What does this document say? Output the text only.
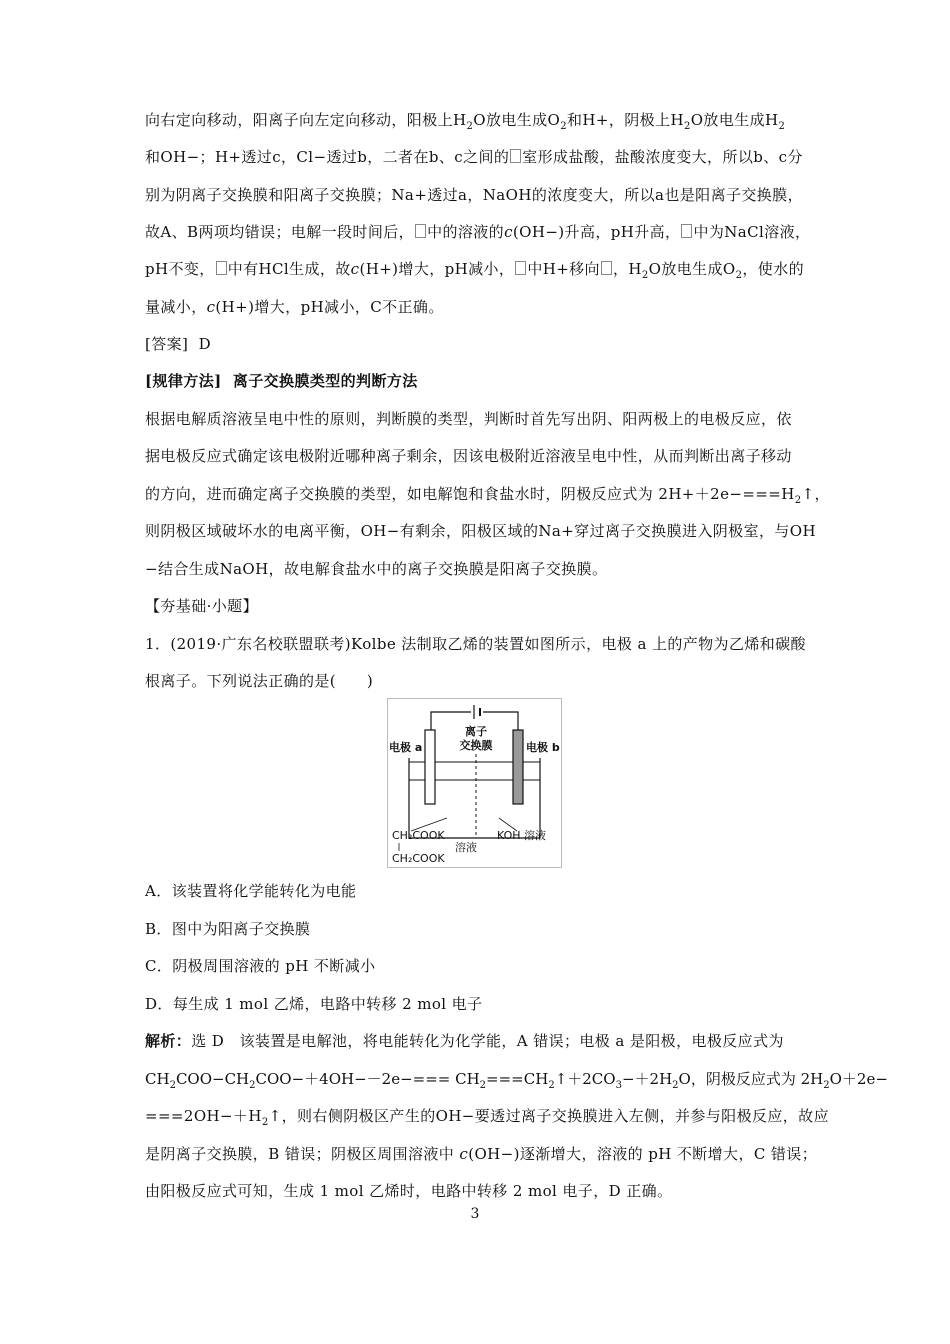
向右定向移动，阳离子向左定向移动，阳极上$H_2O$放电生成$O_2$和H+，阴极上$H_2O$放电生成$H_2$
和OH−；H+透过c，Cl−透过b，二者在b、c之间的 室形成盐酸，盐酸浓度变大，所以b、c分
别为阴离子交换膜和阳离子交换膜；Na+透过a，NaOH的浓度变大，所以a也是阳离子交换膜，
故A、B两项均错误；电解一段时间后， 中的溶液的c(OH−)升高，pH升高， 中为NaCl溶液，
pH不变， 中有HCl生成，故c(H+)增大，pH减小， 中H+移向 ，$H_2O$放电生成$O_2$，使水的
量减小，c(H+)增大，pH减小，C不正确。
[答案] D
[规律方法] 离子交换膜类型的判断方法
根据电解质溶液呈电中性的原则，判断膜的类型，判断时首先写出阴、阳两极上的电极反应，依
据电极反应式确定该电极附近哪种离子剩余，因该电极附近溶液呈电中性，从而判断出离子移动
的方向，进而确定离子交换膜的类型，如电解饱和食盐水时，阴极反应式为 $2H++2e-===H_2↑$，
则阴极区域破坏水的电离平衡，OH−有剩余，阳极区域的Na+穿过离子交换膜进入阴极室，与OH
−结合生成NaOH，故电解食盐水中的离子交换膜是阳离子交换膜。
【夯基础·小题】
1．(2019·广东名校联盟联考)Kolbe 法制取乙烯的装置如图所示，电极 a 上的产物为乙烯和碳酸
根离子。下列说法正确的是(　　)
离子
交换膜
电极 a	电极 b
CH₂COOK
CH₂COOK
溶液
KOH 溶液
A．该装置将化学能转化为电能
B．图中为阳离子交换膜
C．阴极周围溶液的 pH 不断减小
D．每生成 1 mol 乙烯，电路中转移 2 mol 电子
解析：选 D　该装置是电解池，将电能转化为化学能，A 错误；电极 a 是阳极，电极反应式为
$CH_2COO-CH_2COO-+4OH--2e-===$ $CH_2===CH_2↑+2CO_3-+2H_2O$，阴极反应式为 $2H_2O+2e-$
$===2OH-+H_2↑$，则右侧阴极区产生的OH−要透过离子交换膜进入左侧，并参与阳极反应，故应
是阴离子交换膜，B 错误；阴极区周围溶液中 c(OH−)逐渐增大，溶液的 pH 不断增大，C 错误；
由阳极反应式可知，生成 1 mol 乙烯时，电路中转移 2 mol 电子，D 正确。
3
